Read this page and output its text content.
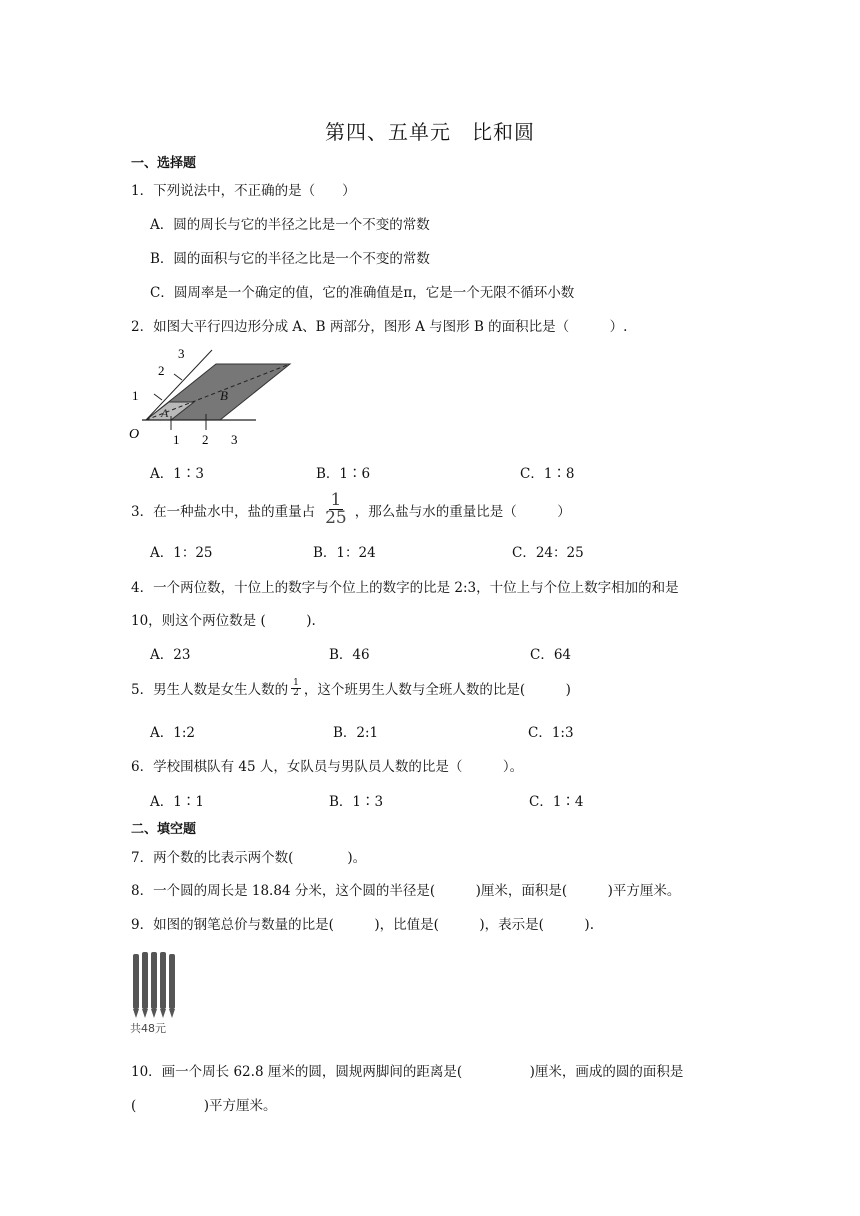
第四、五单元　比和圆
一、选择题
1．下列说法中，不正确的是（　　）
A．圆的周长与它的半径之比是一个不变的常数
B．圆的面积与它的半径之比是一个不变的常数
C．圆周率是一个确定的值，它的准确值是π，它是一个无限不循环小数
2．如图大平行四边形分成 A、B 两部分，图形 A 与图形 B 的面积比是（　　　）.
3
2
1
O	1 2 3
A
B
A．1∶3	B．1∶6	C．1∶8
3．在一种盐水中，盐的重量占 $\frac{1}{25}$ ，那么盐与水的重量比是（　　　）
A．1：25	B．1：24	C．24：25
4．一个两位数，十位上的数字与个位上的数字的比是 2:3，十位上与个位上数字相加的和是
10，则这个两位数是 (　　　).
A．23	B．46	C．64
5．男生人数是女生人数的 $\frac{1}{2}$ ，这个班男生人数与全班人数的比是(　　　)
A．1:2	B．2:1	C．1:3
6．学校围棋队有 45 人，女队员与男队员人数的比是（　　　）。
A．1∶1	B．1∶3	C．1∶4
二、填空题
7．两个数的比表示两个数(　　　　)。
8．一个圆的周长是 18.84 分米，这个圆的半径是(　　　)厘米，面积是(　　　)平方厘米。
9．如图的钢笔总价与数量的比是(　　　)，比值是(　　　)，表示是(　　　).
共48元
10．画一个周长 62.8 厘米的圆，圆规两脚间的距离是(　　　　　)厘米，画成的圆的面积是
(　　　　　)平方厘米。
